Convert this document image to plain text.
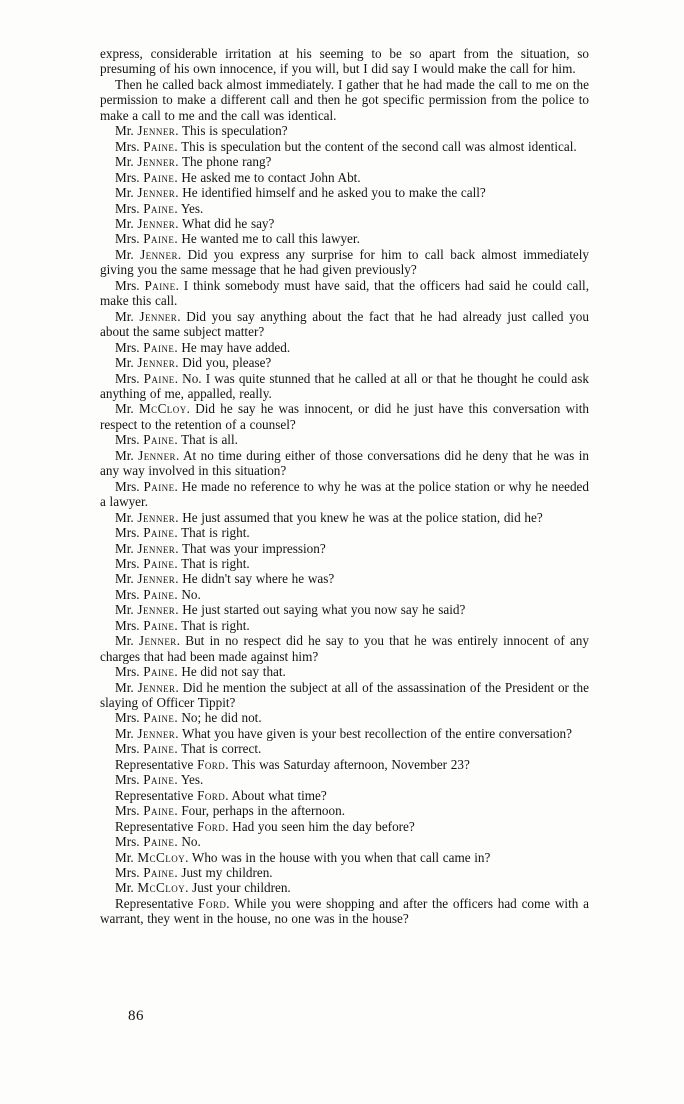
express, considerable irritation at his seeming to be so apart from the situation, so presuming of his own innocence, if you will, but I did say I would make the call for him.

Then he called back almost immediately. I gather that he had made the call to me on the permission to make a different call and then he got specific permission from the police to make a call to me and the call was identical.

Mr. Jenner. This is speculation?

Mrs. Paine. This is speculation but the content of the second call was almost identical.

Mr. Jenner. The phone rang?

Mrs. Paine. He asked me to contact John Abt.

Mr. Jenner. He identified himself and he asked you to make the call?

Mrs. Paine. Yes.

Mr. Jenner. What did he say?

Mrs. Paine. He wanted me to call this lawyer.

Mr. Jenner. Did you express any surprise for him to call back almost immediately giving you the same message that he had given previously?

Mrs. Paine. I think somebody must have said, that the officers had said he could call, make this call.

Mr. Jenner. Did you say anything about the fact that he had already just called you about the same subject matter?

Mrs. Paine. He may have added.

Mr. Jenner. Did you, please?

Mrs. Paine. No. I was quite stunned that he called at all or that he thought he could ask anything of me, appalled, really.

Mr. McCloy. Did he say he was innocent, or did he just have this conversation with respect to the retention of a counsel?

Mrs. Paine. That is all.

Mr. Jenner. At no time during either of those conversations did he deny that he was in any way involved in this situation?

Mrs. Paine. He made no reference to why he was at the police station or why he needed a lawyer.

Mr. Jenner. He just assumed that you knew he was at the police station, did he?

Mrs. Paine. That is right.

Mr. Jenner. That was your impression?

Mrs. Paine. That is right.

Mr. Jenner. He didn't say where he was?

Mrs. Paine. No.

Mr. Jenner. He just started out saying what you now say he said?

Mrs. Paine. That is right.

Mr. Jenner. But in no respect did he say to you that he was entirely innocent of any charges that had been made against him?

Mrs. Paine. He did not say that.

Mr. Jenner. Did he mention the subject at all of the assassination of the President or the slaying of Officer Tippit?

Mrs. Paine. No; he did not.

Mr. Jenner. What you have given is your best recollection of the entire conversation?

Mrs. Paine. That is correct.

Representative Ford. This was Saturday afternoon, November 23?

Mrs. Paine. Yes.

Representative Ford. About what time?

Mrs. Paine. Four, perhaps in the afternoon.

Representative Ford. Had you seen him the day before?

Mrs. Paine. No.

Mr. McCloy. Who was in the house with you when that call came in?

Mrs. Paine. Just my children.

Mr. McCloy. Just your children.

Representative Ford. While you were shopping and after the officers had come with a warrant, they went in the house, no one was in the house?

86
